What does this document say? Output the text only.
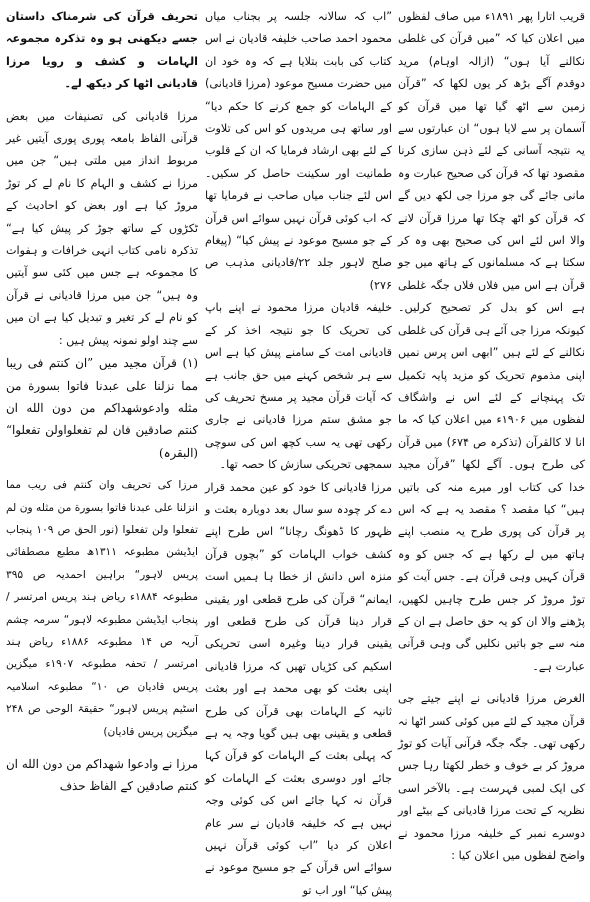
قریب اتارا پھر ۱۸۹۱ء میں صاف لفظوں میں اعلان کیا کہ ”میں قرآن کی غلطی نکالنے آیا ہوں“ (ازالہ اوہام) مرید دوقدم آگے بڑھ کر یوں لکھا کہ ”قرآن زمین سے اٹھ گیا تھا میں قرآن کو آسمان پر سے لایا ہوں“ ان عبارتوں سے یہ نتیجہ آسانی کے لئے ذہن سازی کرنا مقصود تھا کہ قرآن کی صحیح عبارت وہ مانی جائے گی جو مرزا جی لکھ دیں گے کہ قرآن کو اٹھ چکا تھا مرزا قرآن لانے والا اس لئے اس کی صحیح بھی وہ کر سکتا ہے کہ مسلمانوں کے ہاتھ میں جو قرآن ہے اس میں فلاں فلاں جگہ غلطی ہے اس کو بدل کر تصحیح کرلیں۔ کیونکہ مرزا جی آئے ہی قرآن کی غلطی نکالنے کے لئے ہیں ”ابھی اس پرس نمیں اپنی مذموم تحریک کو مزید پایہ تکمیل تک پہنچانے کے لئے اس نے واشگاف لفظوں میں ۱۹۰۶ء میں اعلان کیا کہ ما انا لا کالقرآن (تذکرہ ص ۶۷۴) میں قرآن کی طرح ہوں۔ آگے لکھا ”قرآن مجید خدا کی کتاب اور میرے منہ کی باتیں ہیں“ کیا مقصد ؟ مقصد یہ ہے کہ اس پر قرآن کی پوری طرح یہ منصب اپنے ہاتھ میں لے رکھا ہے کہ جس کو وہ قرآن کہیں وہی قرآن ہے۔ جس آیت کو توڑ مروڑ کر جس طرح چاہیں لکھیں، پڑھنے والا ان کو یہ حق حاصل ہے ان کے منہ سے جو باتیں نکلیں گی وہی قرآنی عبارت ہے۔

الغرض مرزا قادیانی نے اپنے جیتے جی قرآن مجید کے لئے میں کوئی کسر اٹھا نہ رکھی تھی۔ جگہ جگہ قرآنی آیات کو توڑ مروڑ کر بے خوف و خطر لکھتا رہا جس کی ایک لمبی فہرست ہے۔ بالآخر اسی نظریہ کے تحت مرزا قادیانی کے بیٹے اور دوسرے نمبر کے خلیفہ مرزا محمود نے واضح لفظوں میں اعلان کیا :

”اب کہ سالانہ جلسہ پر بجناب میاں محمود احمد صاحب خلیفہ قادیان نے اس کتاب کی بابت بتلایا ہے کہ وہ خود ان میں حضرت مسیح موعود (مرزا قادیانی) کے الہامات کو جمع کرنے کا حکم دیا“ اور ساتھ ہی مریدوں کو اس کی تلاوت کے لئے بھی ارشاد فرمایا کہ ان کے قلوب طمانیت اور سکینت حاصل کر سکیں۔ اس لئے جناب میاں صاحب نے فرمایا تھا کہ اب کوئی قرآن نہیں سوائے اس قرآن کے جو مسیح موعود نے پیش کیا“ (پیغام صلح لاہور جلد ۲۲/قادیانی مذہب ص ۲۷۶)

خلیفہ قادیان مرزا محمود نے اپنے باپ کی تحریک کا جو نتیجہ اخذ کر کے قادیانی امت کے سامنے پیش کیا ہے اس سے ہر شخص کہنے میں حق جانب ہے کہ آیات قرآن مجید پر مسخ تحریف کی جو مشق ستم مرزا قادیانی نے جاری رکھی تھی یہ سب کچھ اس کی سوچی سمجھی تحریکی سازش کا حصہ تھا۔

مرزا قادیانی کا خود کو عین محمد قرار دے کر چودہ سو سال بعد دوبارہ بعثت و ظہور کا ڈھونگ رچانا“ اس طرح اپنے کشف خواب الہامات کو ”بچوں قرآن منزہ اس دانش از خطا ہا ہمیں است ایمانم“ قرآن کی طرح قطعی اور یقینی قرار دینا قرآن کی طرح قطعی اور یقینی قرار دینا وغیرہ اسی تحریکی اسکیم کی کڑیاں تھیں کہ مرزا قادیانی اپنی بعثت کو بھی محمد ہے اور بعثت ثانیہ کے الہامات بھی قرآن کی طرح قطعی و یقینی بھی ہیں گویا وجہ یہ ہے کہ پہلی بعثت کے الہامات کو قرآن کہا جائے اور دوسری بعثت کے الہامات کو قرآن نہ کہا جائے اس کی کوئی وجہ نہیں ہے کہ خلیفہ قادیان نے سر عام اعلان کر دیا ”اب کوئی قرآن نہیں سوائے اس قرآن کے جو مسیح موعود نے پیش کیا“ اور اب تو

تحریف قرآن کی شرمناک داستان جسے دیکھنی ہو وہ تذکرہ مجموعہ الہامات و کشف و رویا مرزا قادیانی اٹھا کر دیکھ لے۔

مرزا قادیانی کی تصنیفات میں بعض قرآنی الفاظ بامعہ پوری پوری آیتیں غیر مربوط انداز میں ملتی ہیں“ جن میں مرزا نے کشف و الہام کا نام لے کر توڑ مروڑ کیا ہے اور بعض کو احادیث کے ٹکڑوں کے ساتھ جوڑ کر پیش کیا ہے“ تذکرہ نامی کتاب انہی خرافات و ہفوات کا مجموعہ ہے جس میں کئی سو آیتیں وہ ہیں“ جن میں مرزا قادیانی نے قرآن کو نام لے کر تغیر و تبدیل کیا ہے ان میں سے چند اولو نمونہ پیش ہیں :

(۱) قرآن مجید میں ”ان کنتم فی ریبا مما نزلنا علی عبدنا فاتوا بسورة من مثله وادعوشهداکم من دون الله ان کنتم صادقین فان لم تفعلواولن تفعلوا“ (البقرہ)

مرزا کی تحریف وان کنتم فی ریب مما انزلنا علی عبدنا فاتوا بسورة من مثله ون لم تفعلوا ولن تفعلوا (نور الحق ص ۱۰۹ پنجاب ایڈیشن مطبوعہ ۱۳۱۱ھ مطبع مصطفائی پریس لاہور“ براہین احمدیہ ص ۳۹۵ مطبوعہ ۱۸۸۴ء ریاض ہند پریس امرتسر / پنجاب ایڈیشن مطبوعہ لاہور“ سرمہ چشم آریہ ص ۱۴ مطبوعہ ۱۸۸۶ء ریاض ہند امرتسر / تحفہ مطبوعہ ۱۹۰۷ء میگزین پریس قادیان ص ۱۰“ مطبوعہ اسلامیہ اسٹیم پریس لاہور“ حقیقۃ الوحی ص ۲۴۸ میگزین پریس قادیان)

مرزا نے وادعوا شهداکم من دون الله ان کنتم صادقین کے الفاظ حذف
